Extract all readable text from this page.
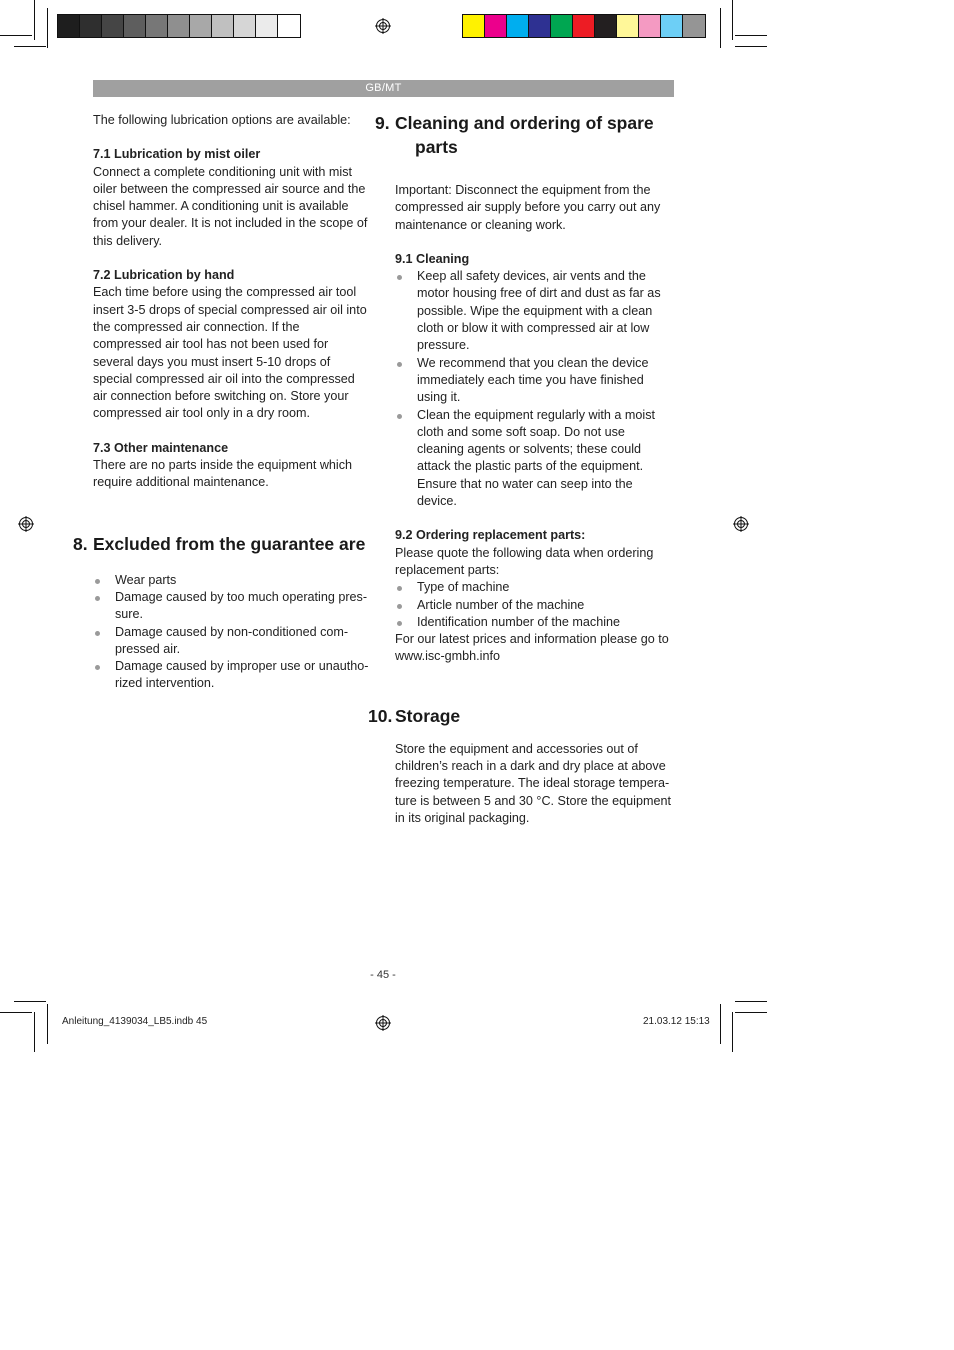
GB/MT

The following lubrication options are available:

7.1 Lubrication by mist oiler

Connect a complete conditioning unit with mist oiler between the compressed air source and the chisel hammer. A conditioning unit is available from your dealer. It is not included in the scope of this delivery.

7.2 Lubrication by hand

Each time before using the compressed air tool insert 3-5 drops of special compressed air oil into the compressed air connection. If the compressed air tool has not been used for several days you must insert 5-10 drops of special compressed air oil into the compressed air connection before switching on. Store your compressed air tool only in a dry room.

7.3 Other maintenance

There are no parts inside the equipment which require additional maintenance.

8. Excluded from the guarantee are
Wear parts
Damage caused by too much operating pres-sure.
Damage caused by non-conditioned com-pressed air.
Damage caused by improper use or unautho-rized intervention.
9. Cleaning and ordering of spare parts

Important: Disconnect the equipment from the compressed air supply before you carry out any maintenance or cleaning work.

9.1 Cleaning

Keep all safety devices, air vents and the motor housing free of dirt and dust as far as possible. Wipe the equipment with a clean cloth or blow it with compressed air at low pressure.
We recommend that you clean the device immediately each time you have finished using it.
Clean the equipment regularly with a moist cloth and some soft soap. Do not use cleaning agents or solvents; these could attack the plastic parts of the equipment. Ensure that no water can seep into the device.

9.2 Ordering replacement parts:

Please quote the following data when ordering replacement parts:

Type of machine
Article number of the machine
Identification number of the machine

For our latest prices and information please go to www.isc-gmbh.info

10. Storage

Store the equipment and accessories out of children’s reach in a dark and dry place at above freezing temperature. The ideal storage tempera-ture is between 5 and 30 °C. Store the equipment in its original packaging.

- 45 -
Anleitung_4139034_LB5.indb 45	21.03.12 15:13
